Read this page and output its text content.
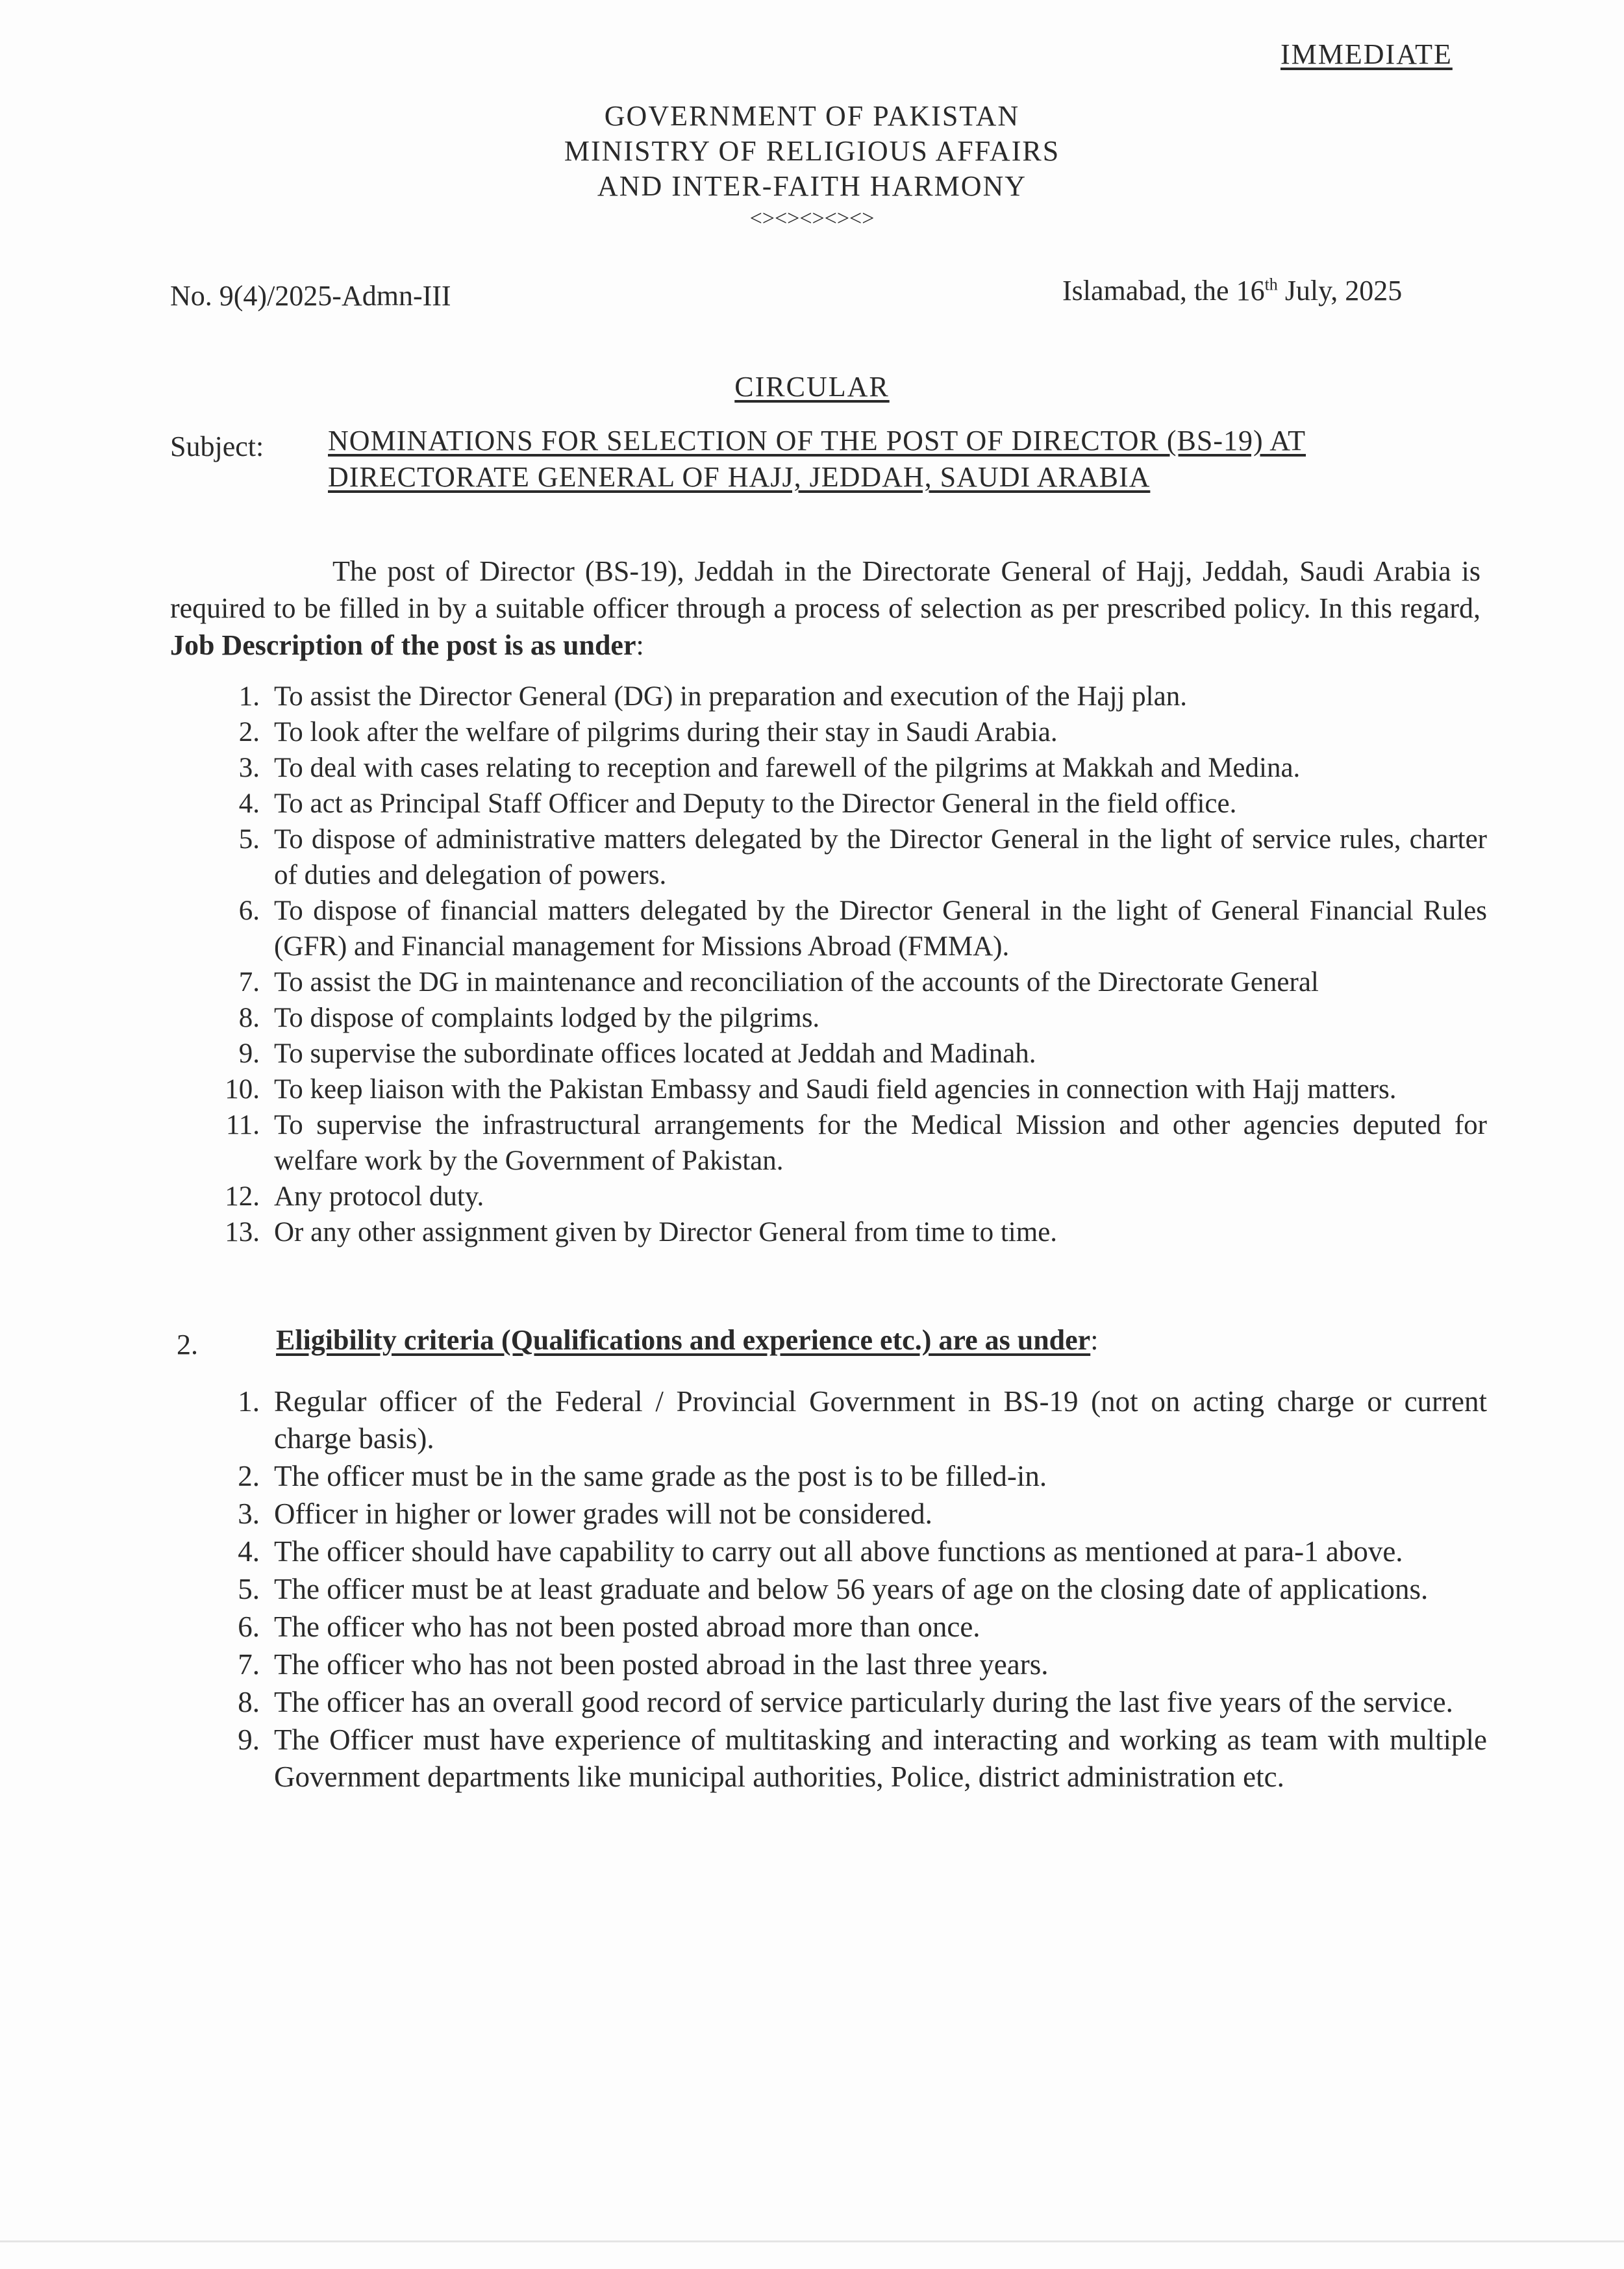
IMMEDIATE
GOVERNMENT OF PAKISTAN
MINISTRY OF RELIGIOUS AFFAIRS
AND INTER-FAITH HARMONY
<><><><><>
No. 9(4)/2025-Admn-III	Islamabad, the 16th July, 2025
CIRCULAR
Subject: NOMINATIONS FOR SELECTION OF THE POST OF DIRECTOR (BS-19) AT DIRECTORATE GENERAL OF HAJJ, JEDDAH, SAUDI ARABIA
The post of Director (BS-19), Jeddah in the Directorate General of Hajj, Jeddah, Saudi Arabia is required to be filled in by a suitable officer through a process of selection as per prescribed policy. In this regard, Job Description of the post is as under:
1. To assist the Director General (DG) in preparation and execution of the Hajj plan.
2. To look after the welfare of pilgrims during their stay in Saudi Arabia.
3. To deal with cases relating to reception and farewell of the pilgrims at Makkah and Medina.
4. To act as Principal Staff Officer and Deputy to the Director General in the field office.
5. To dispose of administrative matters delegated by the Director General in the light of service rules, charter of duties and delegation of powers.
6. To dispose of financial matters delegated by the Director General in the light of General Financial Rules (GFR) and Financial management for Missions Abroad (FMMA).
7. To assist the DG in maintenance and reconciliation of the accounts of the Directorate General
8. To dispose of complaints lodged by the pilgrims.
9. To supervise the subordinate offices located at Jeddah and Madinah.
10. To keep liaison with the Pakistan Embassy and Saudi field agencies in connection with Hajj matters.
11. To supervise the infrastructural arrangements for the Medical Mission and other agencies deputed for welfare work by the Government of Pakistan.
12. Any protocol duty.
13. Or any other assignment given by Director General from time to time.
2.	Eligibility criteria (Qualifications and experience etc.) are as under:
1. Regular officer of the Federal / Provincial Government in BS-19 (not on acting charge or current charge basis).
2. The officer must be in the same grade as the post is to be filled-in.
3. Officer in higher or lower grades will not be considered.
4. The officer should have capability to carry out all above functions as mentioned at para-1 above.
5. The officer must be at least graduate and below 56 years of age on the closing date of applications.
6. The officer who has not been posted abroad more than once.
7. The officer who has not been posted abroad in the last three years.
8. The officer has an overall good record of service particularly during the last five years of the service.
9. The Officer must have experience of multitasking and interacting and working as team with multiple Government departments like municipal authorities, Police, district administration etc.
